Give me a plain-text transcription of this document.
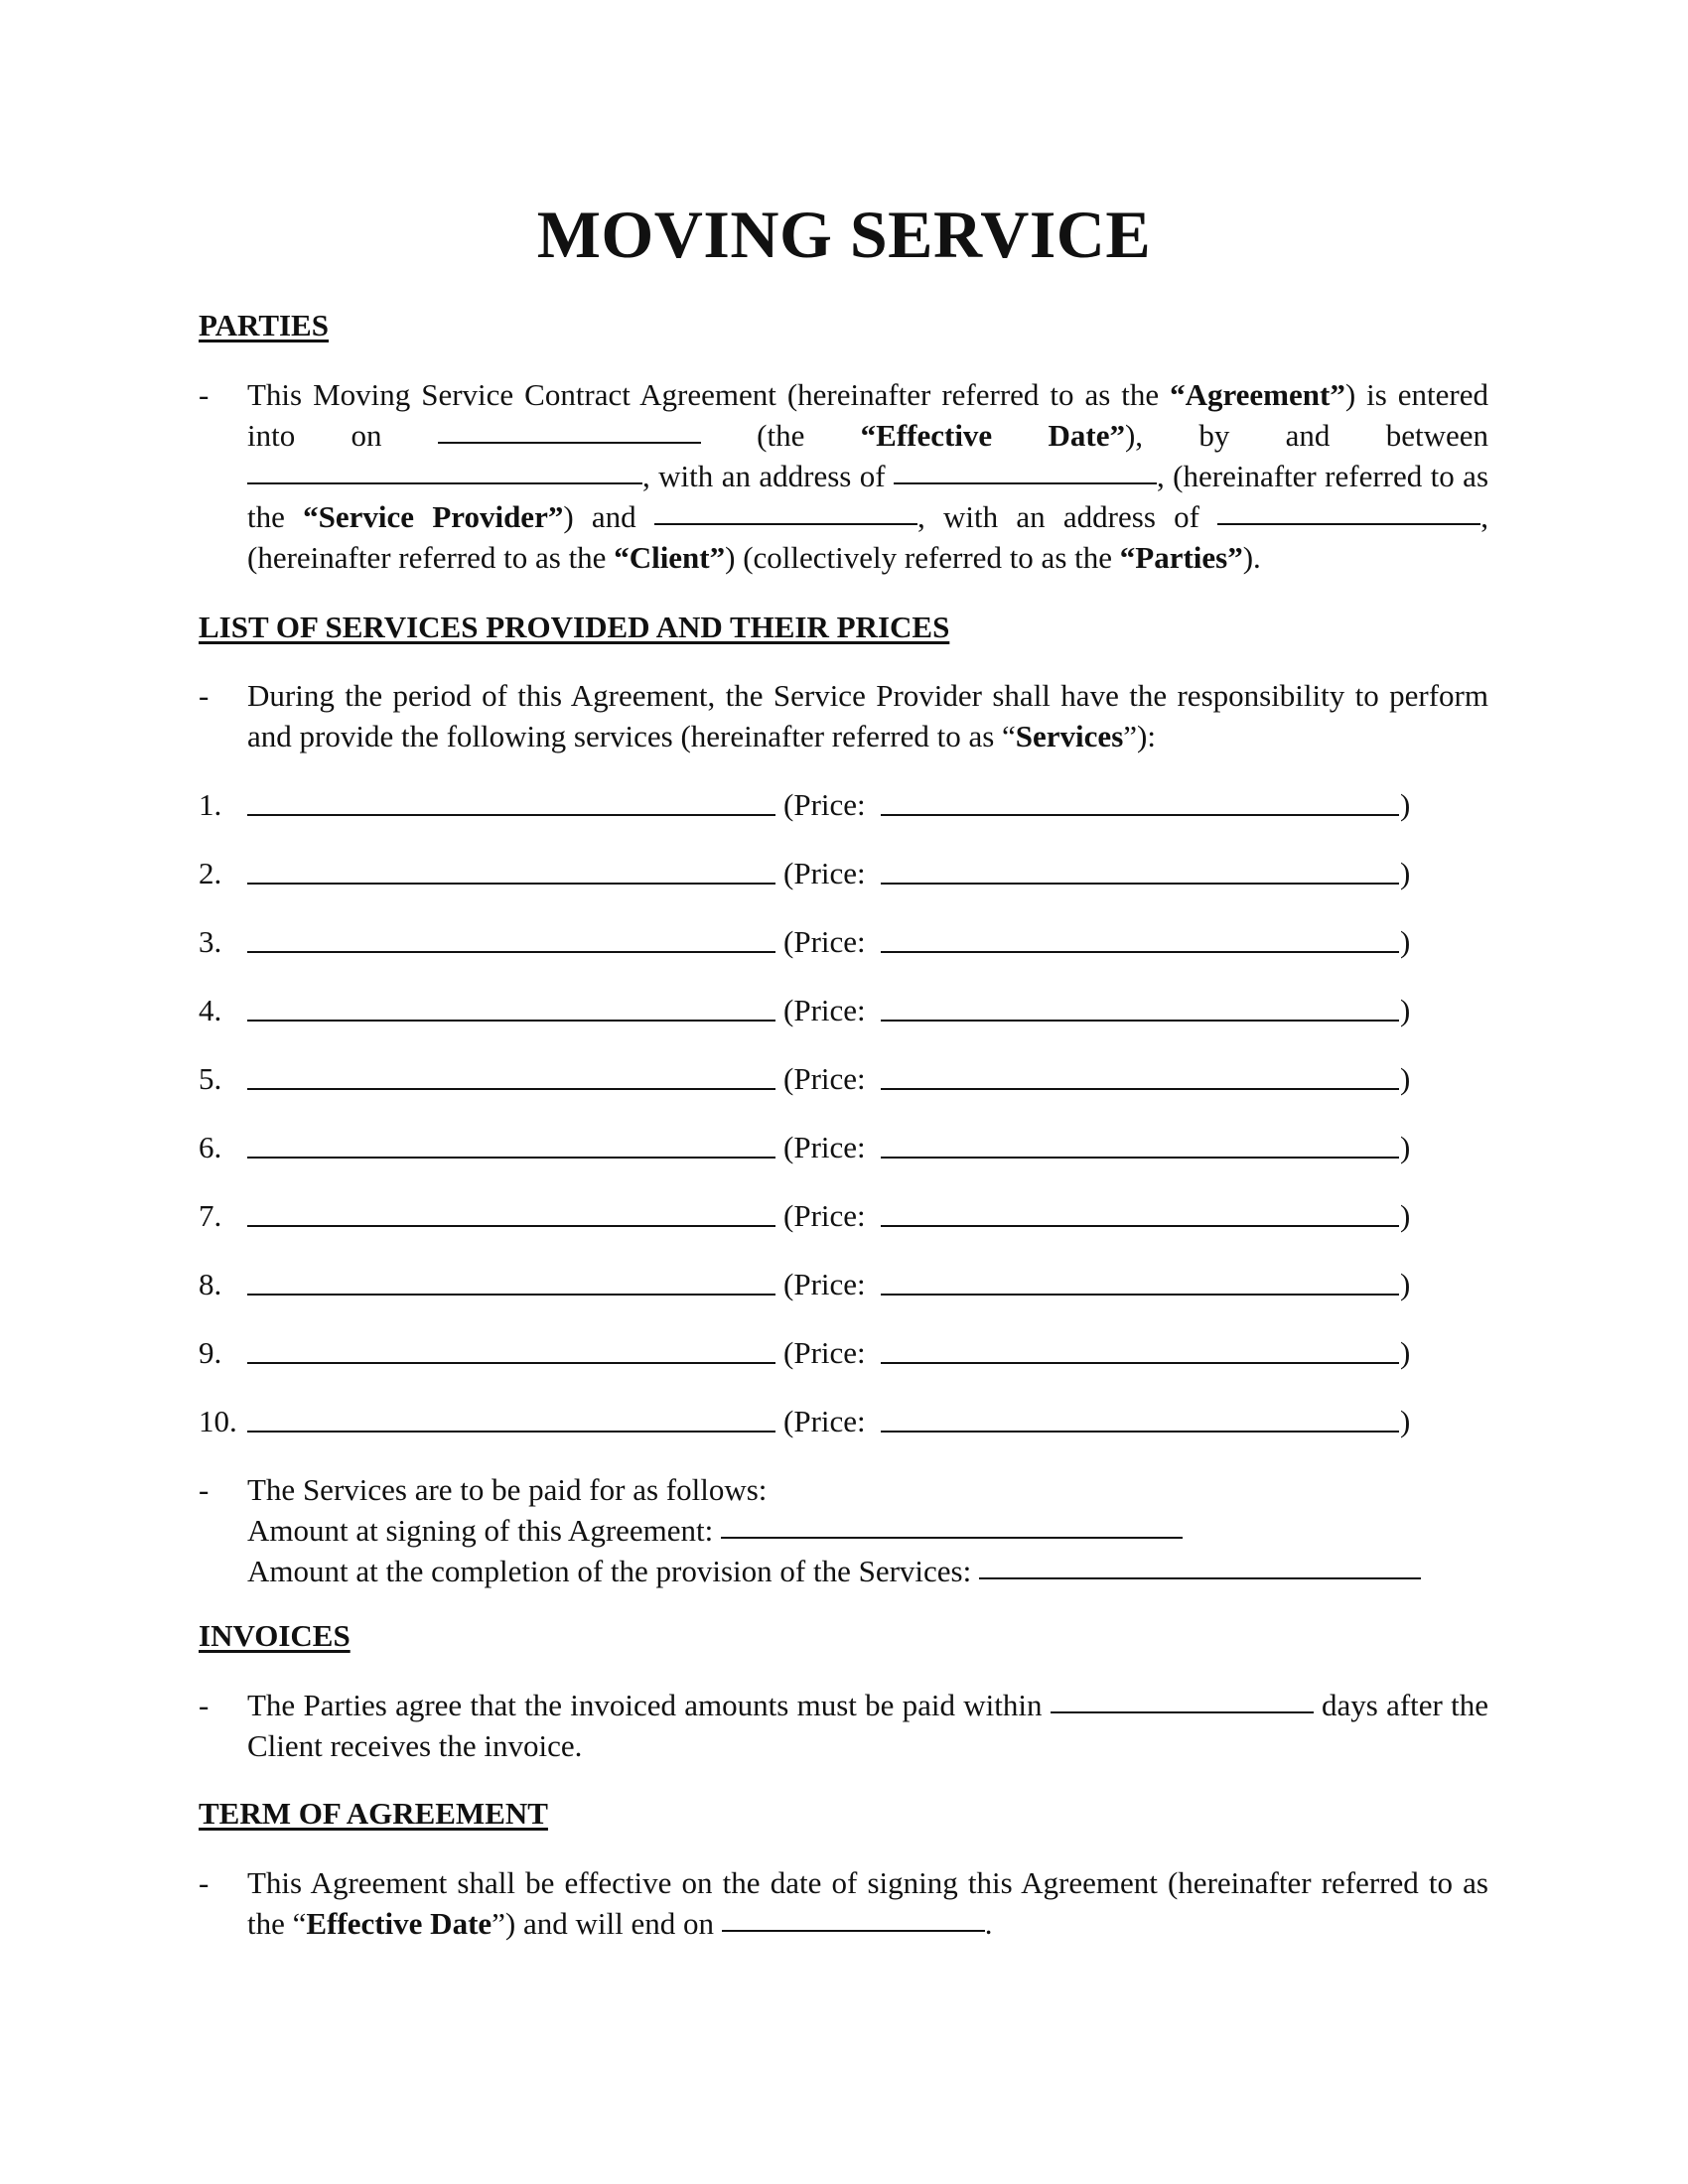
MOVING SERVICE
PARTIES
- This Moving Service Contract Agreement (hereinafter referred to as the “Agreement”) is entered into on	(the “Effective Date”), by and between , with an address of	, (hereinafter referred to as the “Service Provider”) and	, with an address of	, (hereinafter referred to as the “Client”) (collectively referred to as the “Parties”).

LIST OF SERVICES PROVIDED AND THEIR PRICES
- During the period of this Agreement, the Service Provider shall have the responsibility to perform and provide the following services (hereinafter referred to as “Services”):

1.	(Price:	)
2.	(Price:	)
3.	(Price:	)
4.	(Price:	)
5.	(Price:	)
6.	(Price:	)
7.	(Price:	)
8.	(Price:	)
9.	(Price:	)
10.	(Price:	)
- The Services are to be paid for as follows:
Amount at signing of this Agreement:
Amount at the completion of the provision of the Services:
INVOICES
- The Parties agree that the invoiced amounts must be paid within	days after the Client receives the invoice.

TERM OF AGREEMENT
- This Agreement shall be effective on the date of signing this Agreement (hereinafter referred to as the “Effective Date”) and will end on	.
